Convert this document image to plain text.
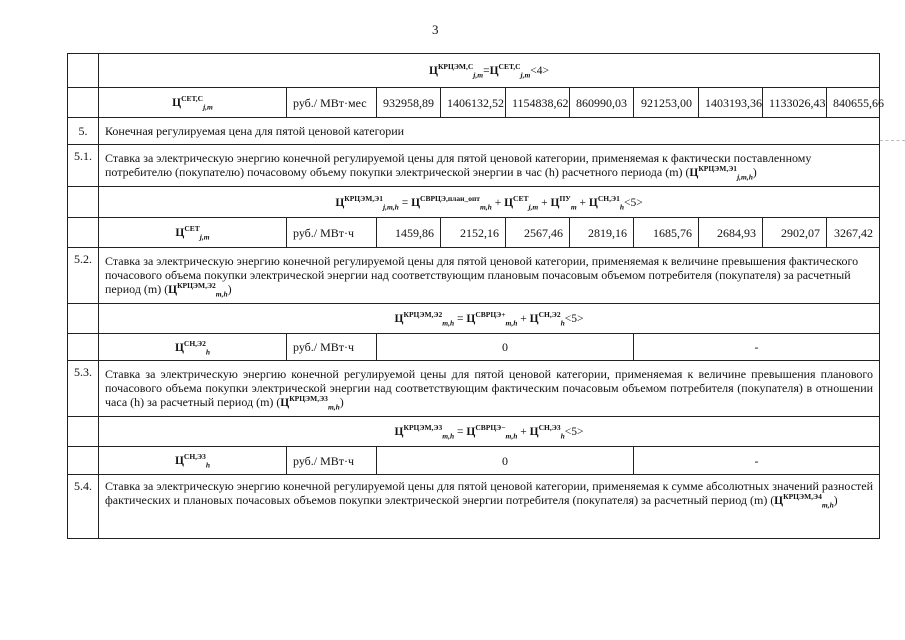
3
	$Ц^{КРЦЭМ,С}_{j,m}=Ц^{СЕТ,С}_{j,m}<4>$									
	$Ц^{СЕТ,С}_{j,m}$	руб./ МВт·мес	932958,89	1406132,52	1154838,62	860990,03	921253,00	1403193,36	1133026,43	840655,66
5.	Конечная регулируемая цена для пятой ценовой категории									
5.1.	Ставка за электрическую энергию конечной регулируемой цены для пятой ценовой категории, применяемая к фактически поставленному потребителю (покупателю) почасовому объему покупки электрической энергии в час (h) расчетного периода (m) $(Ц^{КРЦЭМ,Э1}_{j,m,h})$									
	$Ц^{КРЦЭМ,Э1}_{j,m,h} = Ц^{СВРЦЭ,план\_опт}_{m,h} + Ц^{СЕТ}_{j,m} + Ц^{ПУ}_m + Ц^{СН,Э1}_h<5>$									
	$Ц^{СЕТ}_{j,m}$	руб./ МВт·ч	1459,86	2152,16	2567,46	2819,16	1685,76	2684,93	2902,07	3267,42
5.2.	Ставка за электрическую энергию конечной регулируемой цены для пятой ценовой категории, применяемая к величине превышения фактического почасового объема покупки электрической энергии над соответствующим плановым почасовым объемом потребителя (покупателя) за расчетный период (m) $(Ц^{КРЦЭМ,Э2}_{m,h})$									
	$Ц^{КРЦЭМ,Э2}_{m,h} = Ц^{СВРЦЭ+}_{m,h} + Ц^{СН,Э2}_h<5>$									
	$Ц^{СН,Э2}_h$	руб./ МВт·ч	0				-			
5.3.	Ставка за электрическую энергию конечной регулируемой цены для пятой ценовой категории, применяемая к величине превышения планового почасового объема покупки электрической энергии над соответствующим фактическим почасовым объемом потребителя (покупателя) в отношении часа (h) за расчетный период (m) $(Ц^{КРЦЭМ,Э3}_{m,h})$									
	$Ц^{КРЦЭМ,Э3}_{m,h} = Ц^{СВРЦЭ-}_{m,h} + Ц^{СН,Э3}_h<5>$									
	$Ц^{СН,Э3}_h$	руб./ МВт·ч	0				-			
5.4.	Ставка за электрическую энергию конечной регулируемой цены для пятой ценовой категории, применяемая к сумме абсолютных значений разностей фактических и плановых почасовых объемов покупки электрической энергии потребителя (покупателя) за расчетный период (m) $(Ц^{КРЦЭМ,Э4}_{m,h})$									
